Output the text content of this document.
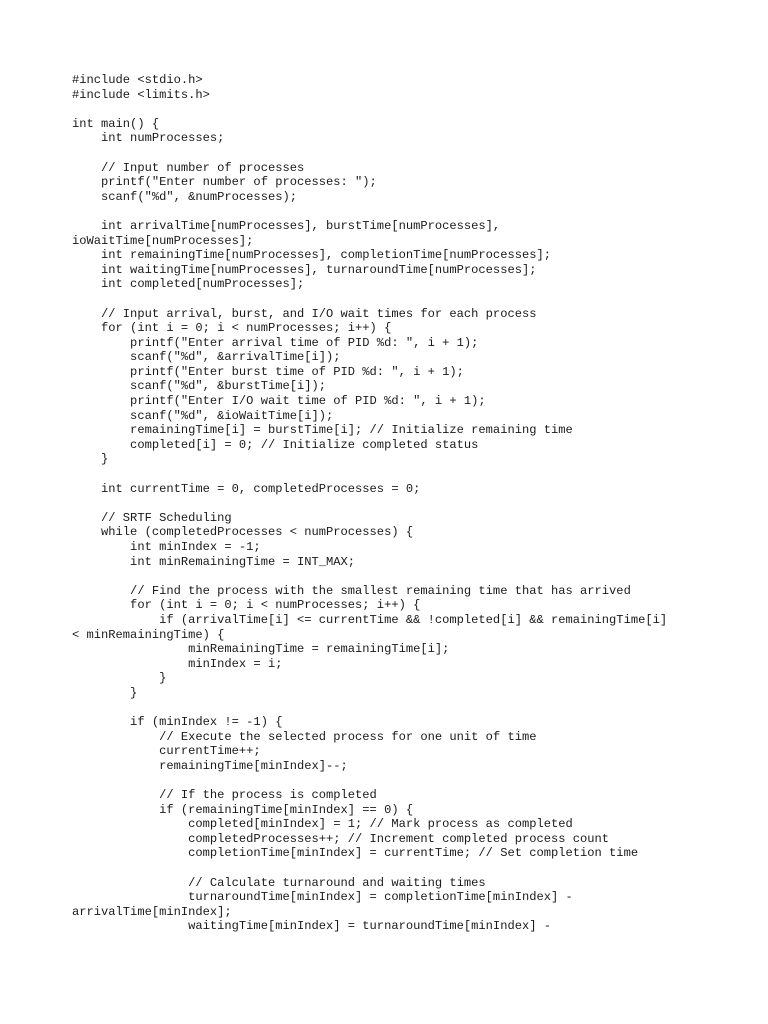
#include <stdio.h>
#include <limits.h>
int main() {
int numProcesses;
// Input number of processes
printf("Enter number of processes: ");
scanf("%d", &numProcesses);
int arrivalTime[numProcesses], burstTime[numProcesses],
ioWaitTime[numProcesses];
int remainingTime[numProcesses], completionTime[numProcesses];
int waitingTime[numProcesses], turnaroundTime[numProcesses];
int completed[numProcesses];
// Input arrival, burst, and I/O wait times for each process
for (int i = 0; i < numProcesses; i++) {
printf("Enter arrival time of PID %d: ", i + 1);
scanf("%d", &arrivalTime[i]);
printf("Enter burst time of PID %d: ", i + 1);
scanf("%d", &burstTime[i]);
printf("Enter I/O wait time of PID %d: ", i + 1);
scanf("%d", &ioWaitTime[i]);
remainingTime[i] = burstTime[i]; // Initialize remaining time
completed[i] = 0; // Initialize completed status
}
int currentTime = 0, completedProcesses = 0;
// SRTF Scheduling
while (completedProcesses < numProcesses) {
int minIndex = -1;
int minRemainingTime = INT_MAX;
// Find the process with the smallest remaining time that has arrived
for (int i = 0; i < numProcesses; i++) {
if (arrivalTime[i] <= currentTime && !completed[i] && remainingTime[i]
< minRemainingTime) {
minRemainingTime = remainingTime[i];
minIndex = i;
}
}
if (minIndex != -1) {
// Execute the selected process for one unit of time
currentTime++;
remainingTime[minIndex]--;
// If the process is completed
if (remainingTime[minIndex] == 0) {
completed[minIndex] = 1; // Mark process as completed
completedProcesses++; // Increment completed process count
completionTime[minIndex] = currentTime; // Set completion time
// Calculate turnaround and waiting times
turnaroundTime[minIndex] = completionTime[minIndex] -
arrivalTime[minIndex];
waitingTime[minIndex] = turnaroundTime[minIndex] -
